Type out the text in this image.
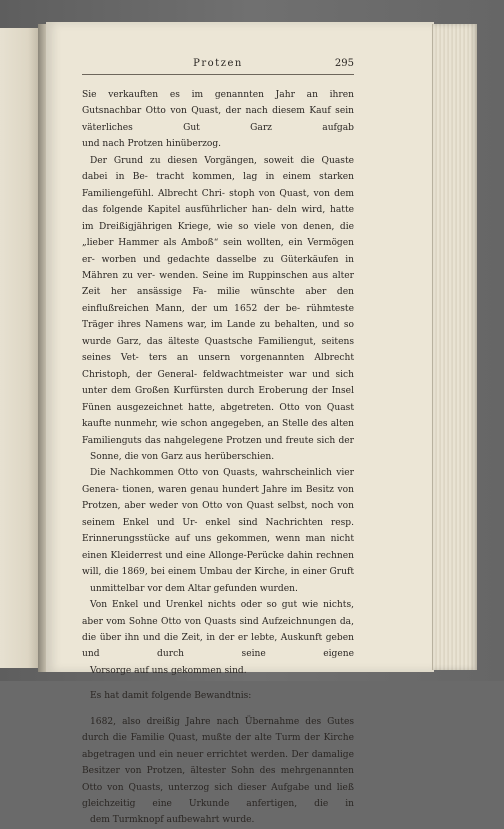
Protzen	295

Sie verkauften es im genannten Jahr an ihren Gutsnachbar Otto von Quast, der nach diesem Kauf sein väterliches Gut Garz aufgab
und nach Protzen hinüberzog.

Der Grund zu diesen Vorgängen, soweit die Quaste dabei in Be- tracht kommen, lag in einem starken Familiengefühl. Albrecht Chri- stoph von Quast, von dem das folgende Kapitel ausführlicher han- deln wird, hatte im Dreißigjährigen Kriege, wie so viele von denen, die „lieber Hammer als Amboß“ sein wollten, ein Vermögen er- worben und gedachte dasselbe zu Güterkäufen in Mähren zu ver- wenden. Seine im Ruppinschen aus alter Zeit her ansässige Fa- milie wünschte aber den einflußreichen Mann, der um 1652 der be- rühmteste Träger ihres Namens war, im Lande zu behalten, und so wurde Garz, das älteste Quastsche Familiengut, seitens seines Vet- ters an unsern vorgenannten Albrecht Christoph, der General- feldwachtmeister war und sich unter dem Großen Kurfürsten durch Eroberung der Insel Fünen ausgezeichnet hatte, abgetreten. Otto von Quast kaufte nunmehr, wie schon angegeben, an Stelle des alten Familienguts das nahgelegene Protzen und freute sich der
Sonne, die von Garz aus herüberschien.

Die Nachkommen Otto von Quasts, wahrscheinlich vier Genera- tionen, waren genau hundert Jahre im Besitz von Protzen, aber weder von Otto von Quast selbst, noch von seinem Enkel und Ur- enkel sind Nachrichten resp. Erinnerungsstücke auf uns gekommen, wenn man nicht einen Kleiderrest und eine Allonge-Perücke dahin rechnen will, die 1869, bei einem Umbau der Kirche, in einer Gruft
unmittelbar vor dem Altar gefunden wurden.

Von Enkel und Urenkel nichts oder so gut wie nichts, aber vom Sohne Otto von Quasts sind Aufzeichnungen da, die über ihn und die Zeit, in der er lebte, Auskunft geben und durch seine eigene
Vorsorge auf uns gekommen sind.

Es hat damit folgende Bewandtnis:

1682, also dreißig Jahre nach Übernahme des Gutes durch die Familie Quast, mußte der alte Turm der Kirche abgetragen und ein neuer errichtet werden. Der damalige Besitzer von Protzen, ältester Sohn des mehrgenannten Otto von Quasts, unterzog sich dieser Aufgabe und ließ gleichzeitig eine Urkunde anfertigen, die in
dem Turmknopf aufbewahrt wurde.
